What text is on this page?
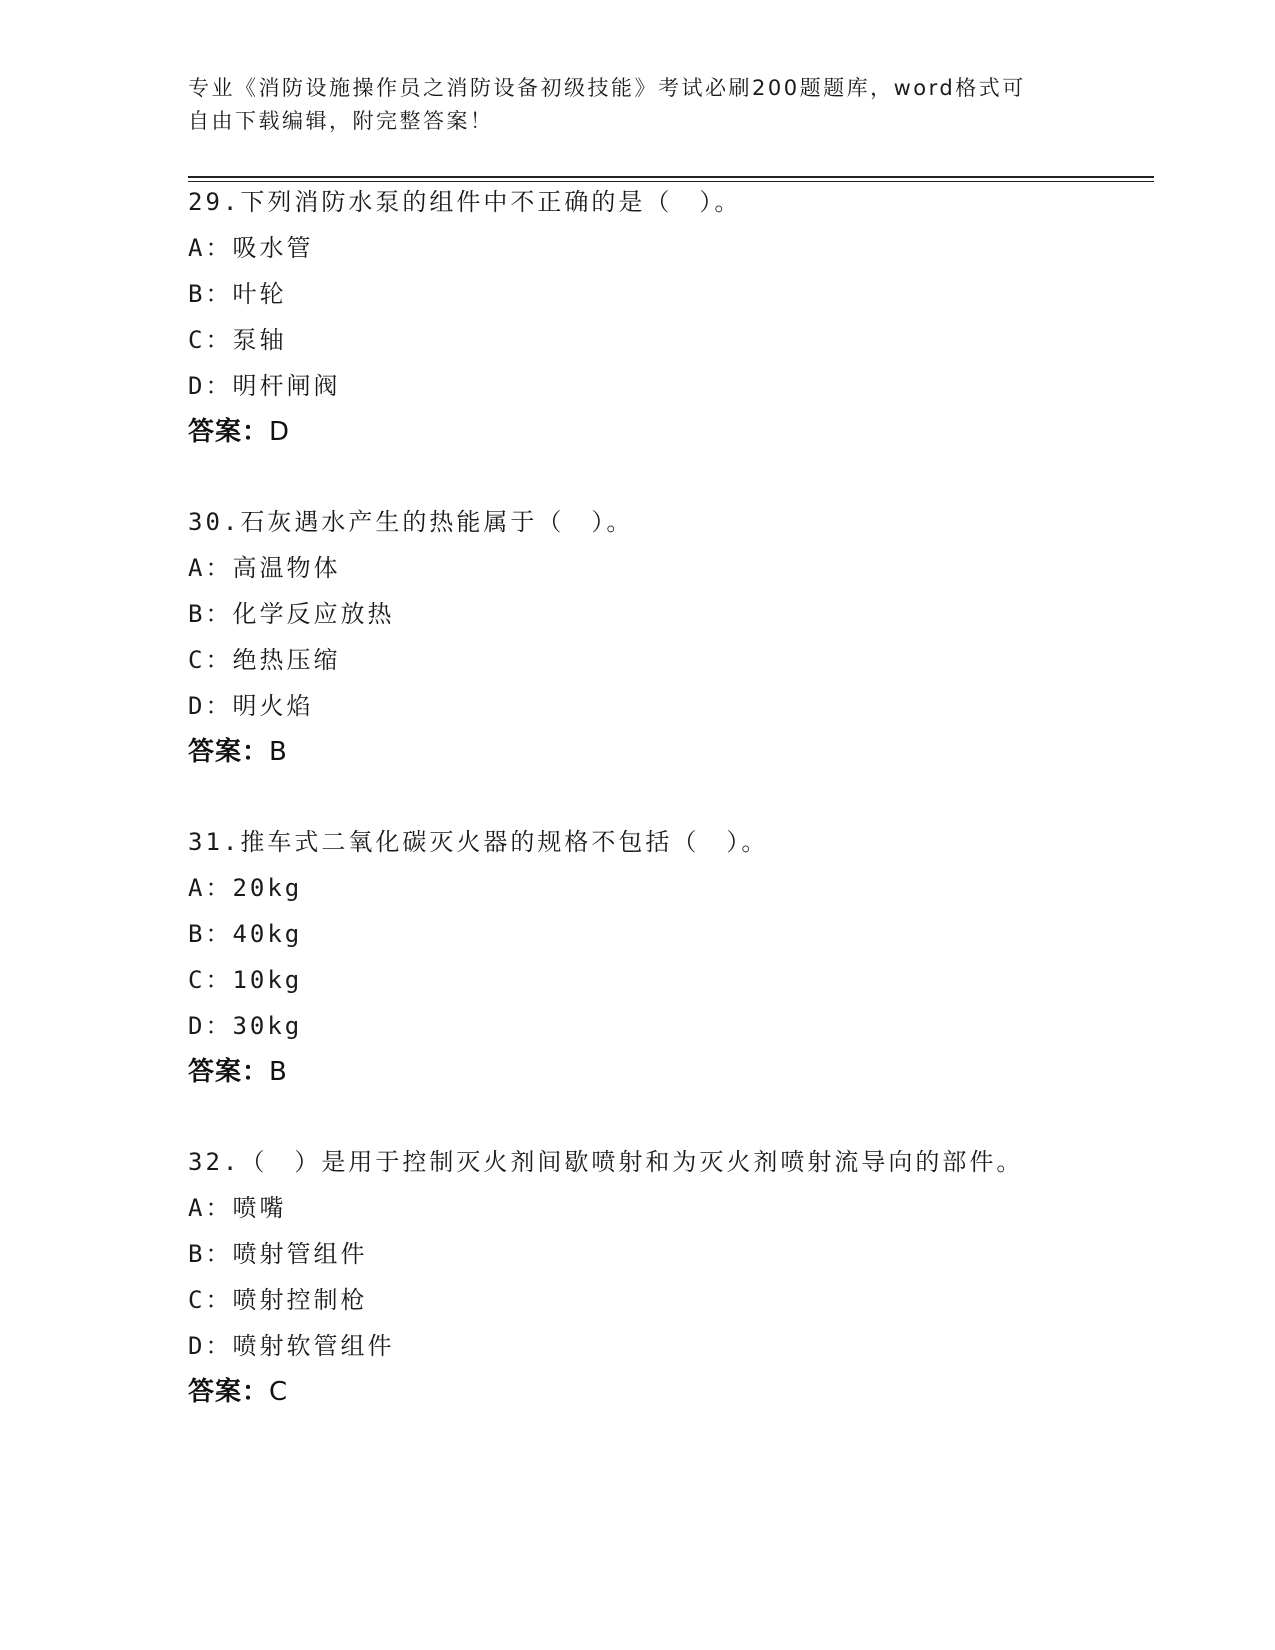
专业《消防设施操作员之消防设备初级技能》考试必刷200题题库，word格式可
自由下载编辑，附完整答案！
29.下列消防水泵的组件中不正确的是（　）。
A：吸水管
B：叶轮
C：泵轴
D：明杆闸阀
答案：D
30.石灰遇水产生的热能属于（　）。
A：高温物体
B：化学反应放热
C：绝热压缩
D：明火焰
答案：B
31.推车式二氧化碳灭火器的规格不包括（　）。
A：20kg
B：40kg
C：10kg
D：30kg
答案：B
32.（　）是用于控制灭火剂间歇喷射和为灭火剂喷射流导向的部件。
A：喷嘴
B：喷射管组件
C：喷射控制枪
D：喷射软管组件
答案：C
